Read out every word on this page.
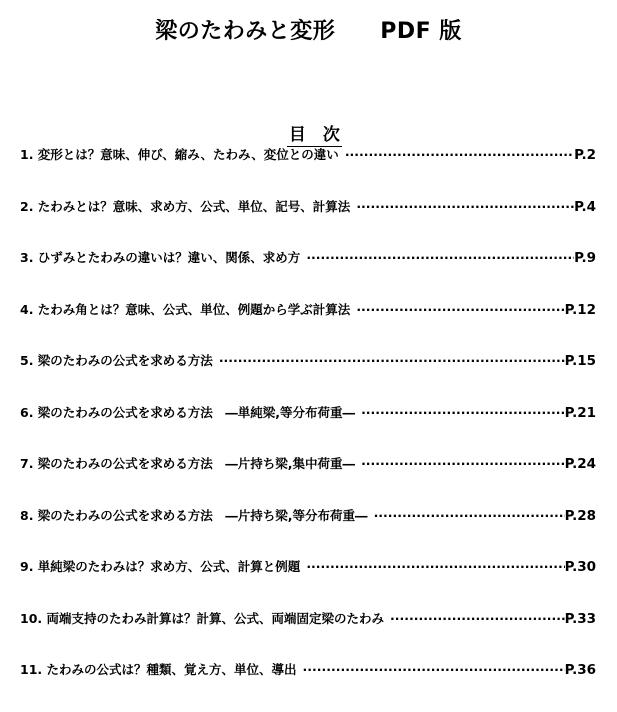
梁のたわみと変形　　PDF 版

目　次

1. 変形とは？意味、伸び、縮み、たわみ、変位との違い ·····	P.2
2. たわみとは？意味、求め方、公式、単位、記号、計算法 ·····	P.4
3. ひずみとたわみの違いは？違い、関係、求め方 ·····	P.9
4. たわみ角とは？意味、公式、単位、例題から学ぶ計算法 ·····	P.12
5. 梁のたわみの公式を求める方法 ·····	P.15
6. 梁のたわみの公式を求める方法　―単純梁,等分布荷重― ·····	P.21
7. 梁のたわみの公式を求める方法　―片持ち梁,集中荷重― ·····	P.24
8. 梁のたわみの公式を求める方法　―片持ち梁,等分布荷重― ·····	P.28
9. 単純梁のたわみは？求め方、公式、計算と例題 ·····	P.30
10. 両端支持のたわみ計算は？計算、公式、両端固定梁のたわみ ·····	P.33
11. たわみの公式は？種類、覚え方、単位、導出 ·····	P.36
